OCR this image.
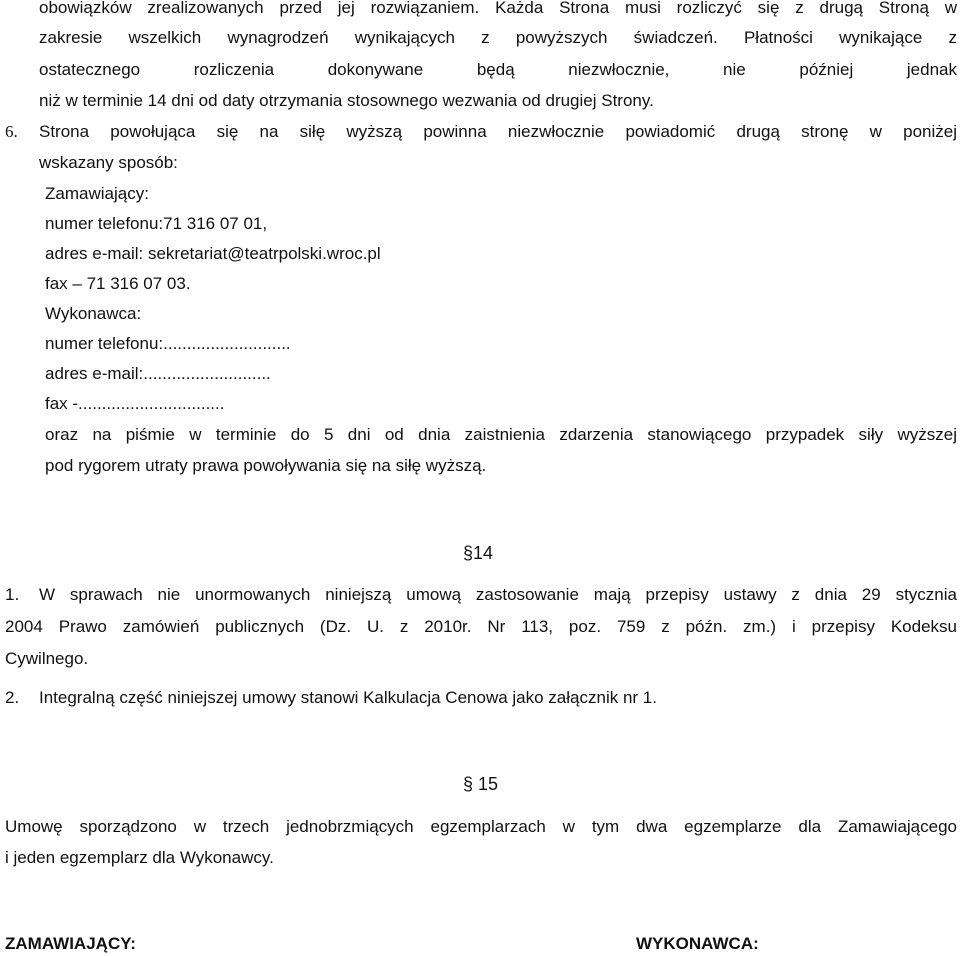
obowiązków zrealizowanych przed jej rozwiązaniem. Każda Strona musi rozliczyć się z drugą Stroną w
zakresie wszelkich wynagrodzeń wynikających z powyższych świadczeń. Płatności wynikające z
ostatecznego rozliczenia dokonywane będą niezwłocznie, nie później jednak
niż w terminie 14 dni od daty otrzymania stosownego wezwania od drugiej Strony.
6. Strona powołująca się na siłę wyższą powinna niezwłocznie powiadomić drugą stronę w poniżej
wskazany sposób:
Zamawiający:
numer telefonu:71 316 07 01,
adres e-mail: sekretariat@teatrpolski.wroc.pl
fax – 71 316 07 03.
Wykonawca:
numer telefonu:...........................
adres e-mail:...........................
fax -...............................
oraz na piśmie w terminie do 5 dni od dnia zaistnienia zdarzenia stanowiącego przypadek siły wyższej
pod rygorem utraty prawa powoływania się na siłę wyższą.
§14
1. W sprawach nie unormowanych niniejszą umową zastosowanie mają przepisy ustawy z dnia 29 stycznia
2004 Prawo zamówień publicznych (Dz. U. z 2010r. Nr 113, poz. 759 z późn. zm.) i przepisy Kodeksu
Cywilnego.
2. Integralną część niniejszej umowy stanowi Kalkulacja Cenowa jako załącznik nr 1.
§ 15
Umowę sporządzono w trzech jednobrzmiących egzemplarzach w tym dwa egzemplarze dla Zamawiającego
i jeden egzemplarz dla Wykonawcy.
ZAMAWIAJĄCY:	WYKONAWCA:
